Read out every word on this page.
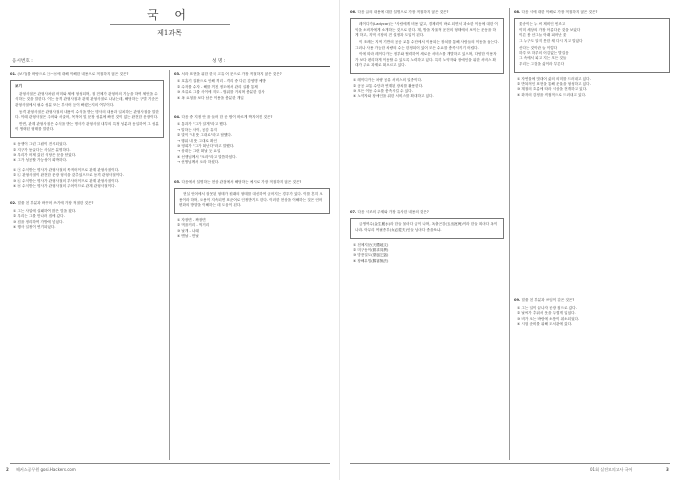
국 어
제1과목
응시번호 :	성 명 :
01. (보기)를 바탕으로 ㉠~㉣에 대해 이해한 내용으로 적절하지 않은 것은?
보기

관형사절은 관형사처럼 어미와 체에 형성되며, 절 전체가 관형어의 기능을 하여 체언을 수식하는 것을 말한다. 이는 동격 관형사절과 관계 관형사절로 나뉘는데, 해당하는 구별 기준은 관형사절에서 필수 성분 또는 부사어 등이 빠졌는지의 여부이다.

동격 관형사절은 관형사절의 내용이 수식을 받는 명사의 내용과 일치하는 관형사절을 말한다. 이때 관형사절은 주어와 서술어, 목적어 및 문장 성분에 빠진 것이 없는 완전한 문장이다.

반면, 관계 관형사절은 수식을 받는 명사가 관형사절 내부의 특정 성분과 동일하여 그 성분이 생략된 형태를 말한다.

① 동생이 그린 그림이 전시되었다.

② 지구가 둥글다는 사실은 분명하다.

③ 우리가 어제 갔던 식당은 문을 닫았다.

④ 그가 성공할 가능성이 희박하다.

① ㉠ 수식받는 명사가 관형사절의 목적어이므로 관계 관형사절이다.

② ㉡ 관형사절이 완전한 문장 형식을 갖추었으므로 동격 관형사절이다.

③ ㉢ 수식받는 명사가 관형사절의 부사어이므로 관계 관형사절이다.

④ ㉣ 수식받는 명사가 관형사절의 주어이므로 관계 관형사절이다.

02. 밑줄 친 부분과 바꾸어 쓰기에 가장 적절한 것은?

① 그는 사업에 실패하여 많은 빚을 졌다.

② 우리는 그를 만나러 집에 갔다.

③ 짐을 정리하여 가방에 넣었다.

④ 행사 일정이 연기되었다.

03. 서라 표현을 위한 한국 고유 어 문으로 가장 적절하지 않은 것은?

① 호흡기 질환으로 인해 격리 - 격리 중 다른 감염병 예방

② 수자를 수자 - 해를 끼친 정도에서 관리 실황 통제

③ 조류로 그룹 사이에 지도 - 범위를 거치며 충분한 검사

④ 폭 요청을 보다 남은 이용을 충분한 개입

04. 다음 중 지정 안 을 들어 한 곧 합이 바르게 짝지어진 것은?

① 통과가 "그가 알게"라고 했다.

→ 말하는 사이, 공감 유지

② 말이 "내 뜻 그대로"라고 답했다.

→ 행위 내 뜻 그대로 확인

③ 영희가 "그가 떠난다"라고 말했다.

→ 상대는 그런 떠날 듯 요일

④ 선생님께서 "오라"라고 말씀하셨다.

→ 선생님께서 오라 하셨다.

05. 다음에서 설명하는 현상 관점에서 해당하는 예시로 가장 적절하지 않은 것은?

현실 언어에서 잘못된 형태가 원래의 형태를 대신하여 굳어지는 경우가 있다. 이를 흔히 오용이라 하며, 오용이 지속되면 표준어로 인정받기도 한다. 이러한 현상을 이해하는 것은 언어 변화의 방향을 이해하는 데 도움이 된다.

① 자장면 - 짜장면

② 먹을거리 - 먹거리

③ 날개 - 나래

④ 맨날 - 만날

2 해커스공무원 gosi.Hackers.com
06. 다음 글의 내용에 대한 설명으로 가장 적절하지 않은 것은?

레이디카(Ladycar)는 "사람에게 비용 없고, 경제력이 바로 되면서 과소한 이동에 대한 이익을 소비자에게 소개하는 것으로 한다. 계, 방을 자율적 운전의 형태에서 보이는 운동을 하게 하고, 지역 시장의 전 설정과 도입이 된다.

이 조례는 지역 기반의 공공 교통 수단에서 이용되는 장치를 통해 사람들의 이동을 돕는다. 그러나 사용 가능한 차량의 수는 한정되어 있어 모든 수요를 충족시키기 어렵다.

이에 따라 레이디카는 정부와 협력하여 새로운 서비스를 개발하고 있으며, 다양한 이용자가 보다 편리하게 이동할 수 있도록 노력하고 있다. 특히 노약자와 장애인을 위한 서비스 확대가 주요 과제로 떠오르고 있다.

① 레이디카는 차량 공유 서비스의 일종이다.

② 공공 교통 수단과 연계된 장치를 활용한다.

③ 모든 이동 수요를 충족시킬 수 있다.

④ 노약자와 장애인을 위한 서비스를 확대하고 있다.

07. 다음 시조의 주제와 가장 유사한 내용의 것은?

금생여수(金生麗水)라 한들 물마다 금이 나며, 옥출곤강(玉出崑崗)이라 한들 뫼마다 옥이 나랴. 아무리 여필종부(女必從夫)인들 님마다 좇을쏘냐.

① 천체지문(天體地文)

② 미구동이(微求同異)

③ 망풍걸도(望風乞盜)

④ 장해무법(腸害無法)

08. 다음 시에 대한 이해로 가장 적절하지 않은 것은?

꽃송이는 누 씨 제비인 빈조고
이미 세상의 가장 아름다운 것을 보았다
이른 봄 산그늘 아래 피어난 꽃
그 누구도 알지 못한 채 다시 지고 말았다

산다는 것이란 늘 이렇다
하루 또 하루의 어김없는 발걸음
그 속에서 피고 지는 모든 것들
우리는 그것을 삶이라 부른다

① 자연물에 빗대어 삶의 의미를 드러내고 있다.

② 반복적인 표현을 통해 운율을 형성하고 있다.

③ 계절의 흐름에 따라 시상을 전개하고 있다.

④ 화자의 감정을 직접적으로 드러내고 있다.

09. 밑줄 친 부분과 쓰임이 같은 것은?

① 그는 일이 끝나자 곧장 집으로 갔다.

② 날씨가 추워서 옷을 두껍게 입었다.

③ 비가 오는 바람에 소풍이 취소되었다.

④ 시험 준비를 위해 도서관에 갔다.

01회 실전모의고사 국어	3
